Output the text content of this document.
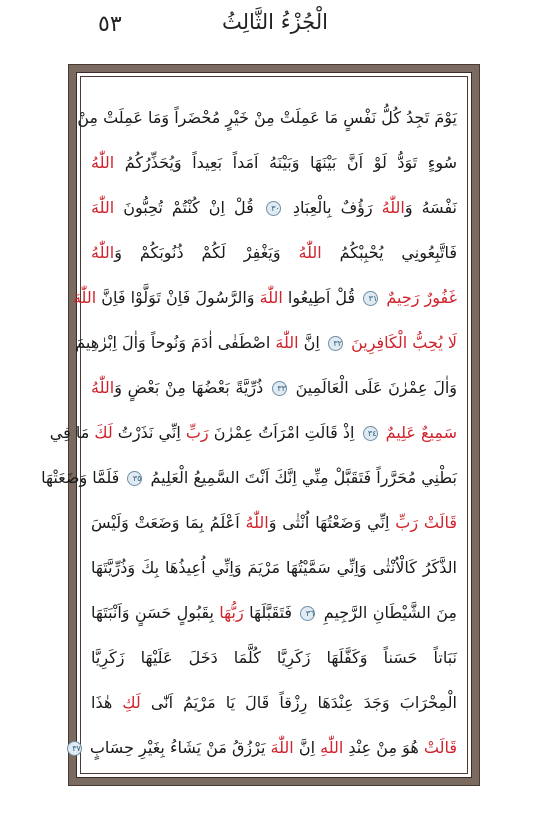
الْجُزْءُ الثَّالِثُ
٥٣
يَوْمَ تَجِدُ كُلُّ نَفْسٍ مَا عَمِلَتْ مِنْ خَيْرٍ مُحْضَراً وَمَا عَمِلَتْ مِنْ
سُوءٍ تَوَدُّ لَوْ اَنَّ بَيْنَهَا وَبَيْنَهُ اَمَداً بَعِيداً وَيُحَذِّرُكُمُ اللّٰهُ
نَفْسَهُ وَاللّٰهُ رَؤُفٌ بِالْعِبَادِ ٣٠ قُلْ اِنْ كُنْتُمْ تُحِبُّونَ اللّٰهَ
فَاتَّبِعُونِي يُحْبِبْكُمُ اللّٰهُ وَيَغْفِرْ لَكُمْ ذُنُوبَكُمْ وَاللّٰهُ
غَفُورٌ رَحِيمٌ ٣١ قُلْ اَطِيعُوا اللّٰهَ وَالرَّسُولَ فَاِنْ تَوَلَّوْا فَاِنَّ اللّٰهَ
لَا يُحِبُّ الْكَافِرِينَ ٣٢ اِنَّ اللّٰهَ اصْطَفٰى اٰدَمَ وَنُوحاً وَاٰلَ اِبْرٰهِيمَ
وَاٰلَ عِمْرٰنَ عَلَى الْعَالَمِينَ ٣٣ ذُرِّيَّةً بَعْضُهَا مِنْ بَعْضٍ وَاللّٰهُ
سَمِيعٌ عَلِيمٌ ٣٤ اِذْ قَالَتِ امْرَاَتُ عِمْرٰنَ رَبِّ اِنِّي نَذَرْتُ لَكَ مَا فِي
بَطْنِي مُحَرَّراً فَتَقَبَّلْ مِنِّي اِنَّكَ اَنْتَ السَّمِيعُ الْعَلِيمُ ٣٥ فَلَمَّا وَضَعَتْهَا
قَالَتْ رَبِّ اِنِّي وَضَعْتُهَا اُنْثٰى وَاللّٰهُ اَعْلَمُ بِمَا وَضَعَتْ وَلَيْسَ
الذَّكَرُ كَالْاُنْثٰى وَاِنِّي سَمَّيْتُهَا مَرْيَمَ وَاِنِّي اُعِيذُهَا بِكَ وَذُرِّيَّتَهَا
مِنَ الشَّيْطَانِ الرَّجِيمِ ٣٦ فَتَقَبَّلَهَا رَبُّهَا بِقَبُولٍ حَسَنٍ وَاَنْبَتَهَا
نَبَاتاً حَسَناً وَكَفَّلَهَا زَكَرِيَّا كُلَّمَا دَخَلَ عَلَيْهَا زَكَرِيَّا
الْمِحْرَابَ وَجَدَ عِنْدَهَا رِزْقاً قَالَ يَا مَرْيَمُ اَنّٰى لَكِ هٰذَا
قَالَتْ هُوَ مِنْ عِنْدِ اللّٰهِ اِنَّ اللّٰهَ يَرْزُقُ مَنْ يَشَاءُ بِغَيْرِ حِسَابٍ ٣٧
